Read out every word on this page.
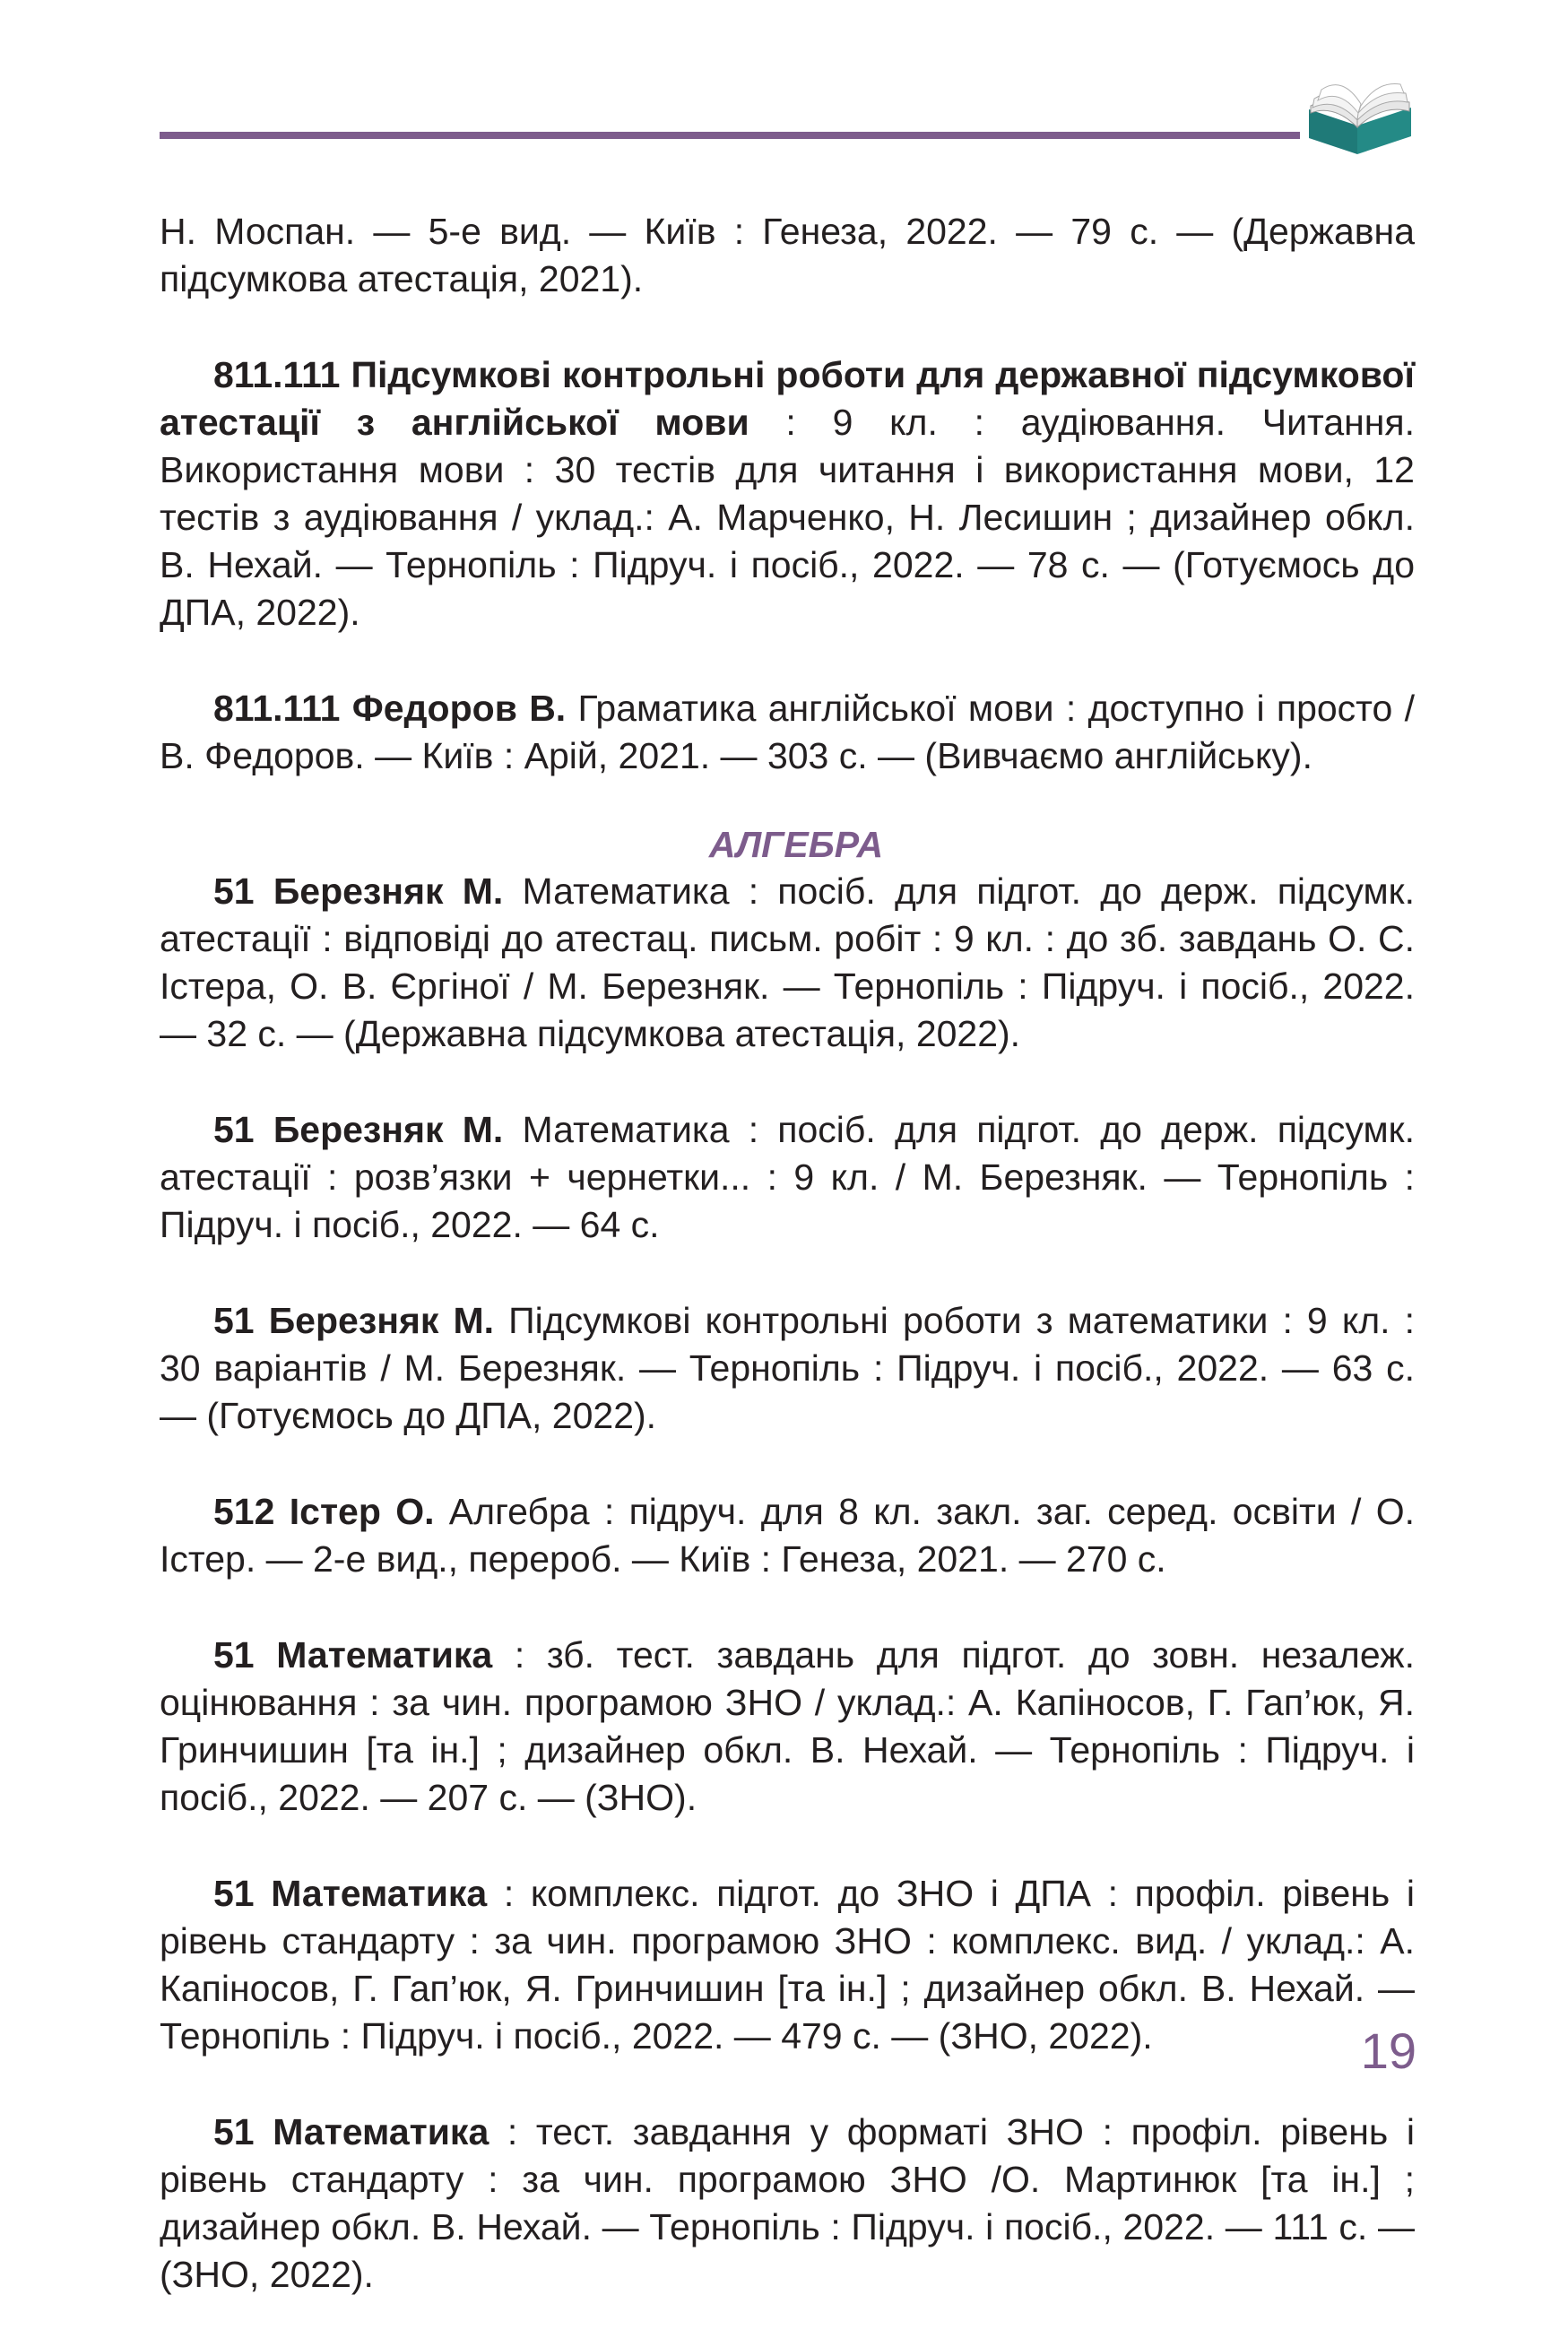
Н. Моспан. — 5-е вид. — Київ : Генеза, 2022. — 79 с. — (Державна підсумкова атестація, 2021).

811.111 Підсумкові контрольні роботи для державної підсумкової атестації з англійської мови : 9 кл. : аудіювання. Читання. Використання мови : 30 тестів для читання і використання мови, 12 тестів з аудіювання / уклад.: А. Марченко, Н. Лесишин ; дизайнер обкл. В. Нехай. — Тернопіль : Підруч. і посіб., 2022. — 78 с. — (Готуємось до ДПА, 2022).

811.111 Федоров В. Граматика англійської мови : доступно і просто / В. Федоров. — Київ : Арій, 2021. — 303 с. — (Вивчаємо англійську).

АЛГЕБРА

51 Березняк М. Математика : посіб. для підгот. до держ. підсумк. атестації : відповіді до атестац. письм. робіт : 9 кл. : до зб. завдань О. С. Істера, О. В. Єргіної / М. Березняк. — Тернопіль : Підруч. і посіб., 2022. — 32 с. — (Державна підсумкова атестація, 2022).

51 Березняк М. Математика : посіб. для підгот. до держ. підсумк. атестації : розв’язки + чернетки... : 9 кл. / М. Березняк. — Тернопіль : Підруч. і посіб., 2022. — 64 с.

51 Березняк М. Підсумкові контрольні роботи з математики : 9 кл. : 30 варіантів / М. Березняк. — Тернопіль : Підруч. і посіб., 2022. — 63 с. — (Готуємось до ДПА, 2022).

512 Істер О. Алгебра : підруч. для 8 кл. закл. заг. серед. освіти / О. Істер. — 2-е вид., перероб. — Київ : Генеза, 2021. — 270 с.

51 Математика : зб. тест. завдань для підгот. до зовн. незалеж. оцінювання : за чин. програмою ЗНО / уклад.: А. Капіносов, Г. Гап’юк, Я. Гринчишин [та ін.] ; дизайнер обкл. В. Нехай. — Тернопіль : Підруч. і посіб., 2022. — 207 с. — (ЗНО).

51 Математика : комплекс. підгот. до ЗНО і ДПА : профіл. рівень і рівень стандарту : за чин. програмою ЗНО : комплекс. вид. / уклад.: А. Капіносов, Г. Гап’юк, Я. Гринчишин [та ін.] ; дизайнер обкл. В. Нехай. — Тернопіль : Підруч. і посіб., 2022. — 479 с. — (ЗНО, 2022).

51 Математика : тест. завдання у форматі ЗНО : профіл. рівень і рівень стандарту : за чин. програмою ЗНО /О. Мартинюк [та ін.] ; дизайнер обкл. В. Нехай. — Тернопіль : Підруч. і посіб., 2022. — 111 с. — (ЗНО, 2022).

19
